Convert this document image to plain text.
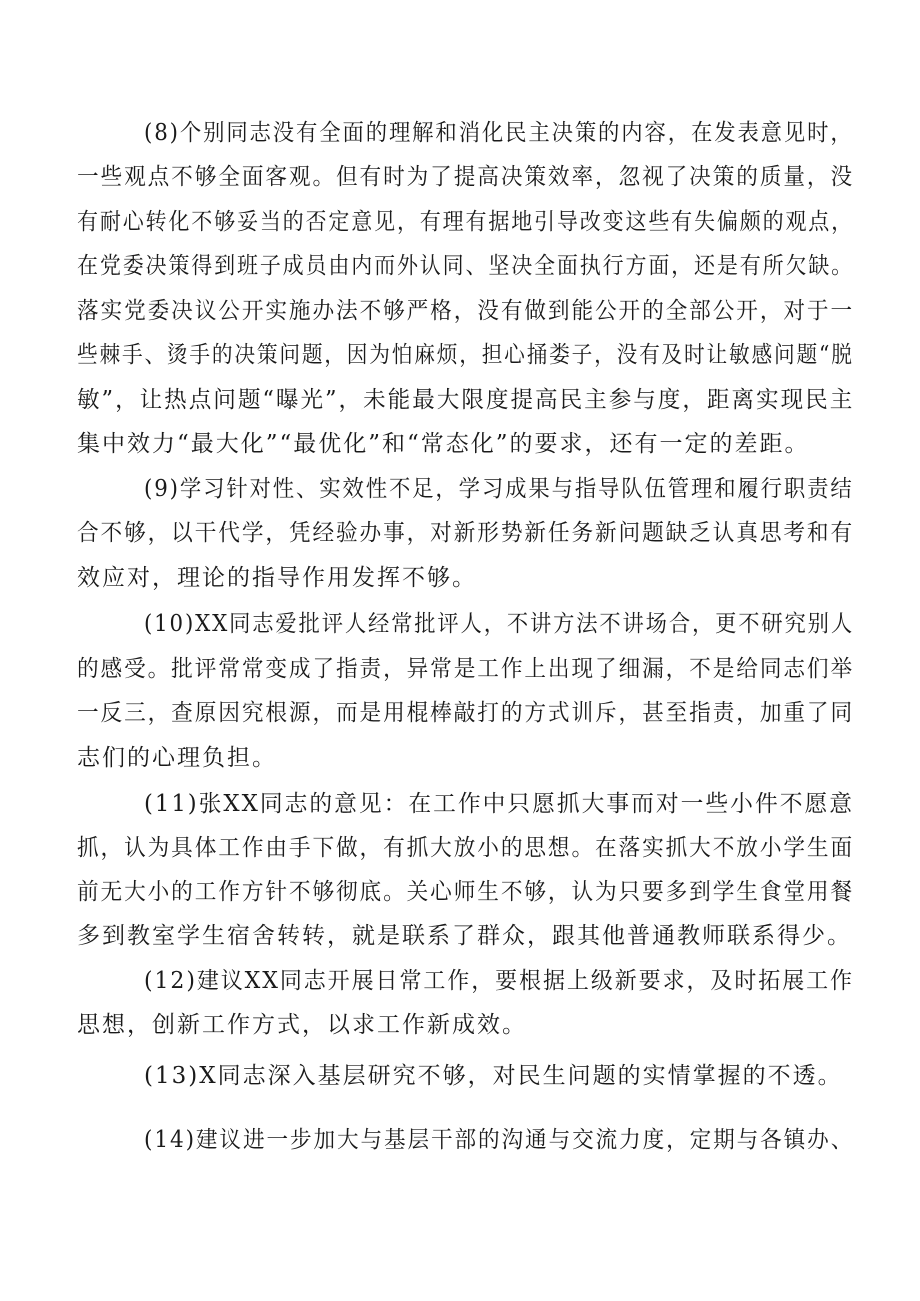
(8)个别同志没有全面的理解和消化民主决策的内容，在发表意见时，
一些观点不够全面客观。但有时为了提高决策效率，忽视了决策的质量，没
有耐心转化不够妥当的否定意见，有理有据地引导改变这些有失偏颇的观点，
在党委决策得到班子成员由内而外认同、坚决全面执行方面，还是有所欠缺。
落实党委决议公开实施办法不够严格，没有做到能公开的全部公开，对于一
些棘手、烫手的决策问题，因为怕麻烦，担心捅娄子，没有及时让敏感问题“脱
敏”，让热点问题“曝光”，未能最大限度提高民主参与度，距离实现民主
集中效力“最大化”“最优化”和“常态化”的要求，还有一定的差距。
(9)学习针对性、实效性不足，学习成果与指导队伍管理和履行职责结
合不够，以干代学，凭经验办事，对新形势新任务新问题缺乏认真思考和有
效应对，理论的指导作用发挥不够。
(10)XX同志爱批评人经常批评人，不讲方法不讲场合，更不研究别人
的感受。批评常常变成了指责，异常是工作上出现了细漏，不是给同志们举
一反三，查原因究根源，而是用棍棒敲打的方式训斥，甚至指责，加重了同
志们的心理负担。
(11)张XX同志的意见：在工作中只愿抓大事而对一些小件不愿意
抓，认为具体工作由手下做，有抓大放小的思想。在落实抓大不放小学生面
前无大小的工作方针不够彻底。关心师生不够，认为只要多到学生食堂用餐
多到教室学生宿舍转转，就是联系了群众，跟其他普通教师联系得少。
(12)建议XX同志开展日常工作，要根据上级新要求，及时拓展工作
思想，创新工作方式，以求工作新成效。
(13)X同志深入基层研究不够，对民生问题的实情掌握的不透。
(14)建议进一步加大与基层干部的沟通与交流力度，定期与各镇办、
